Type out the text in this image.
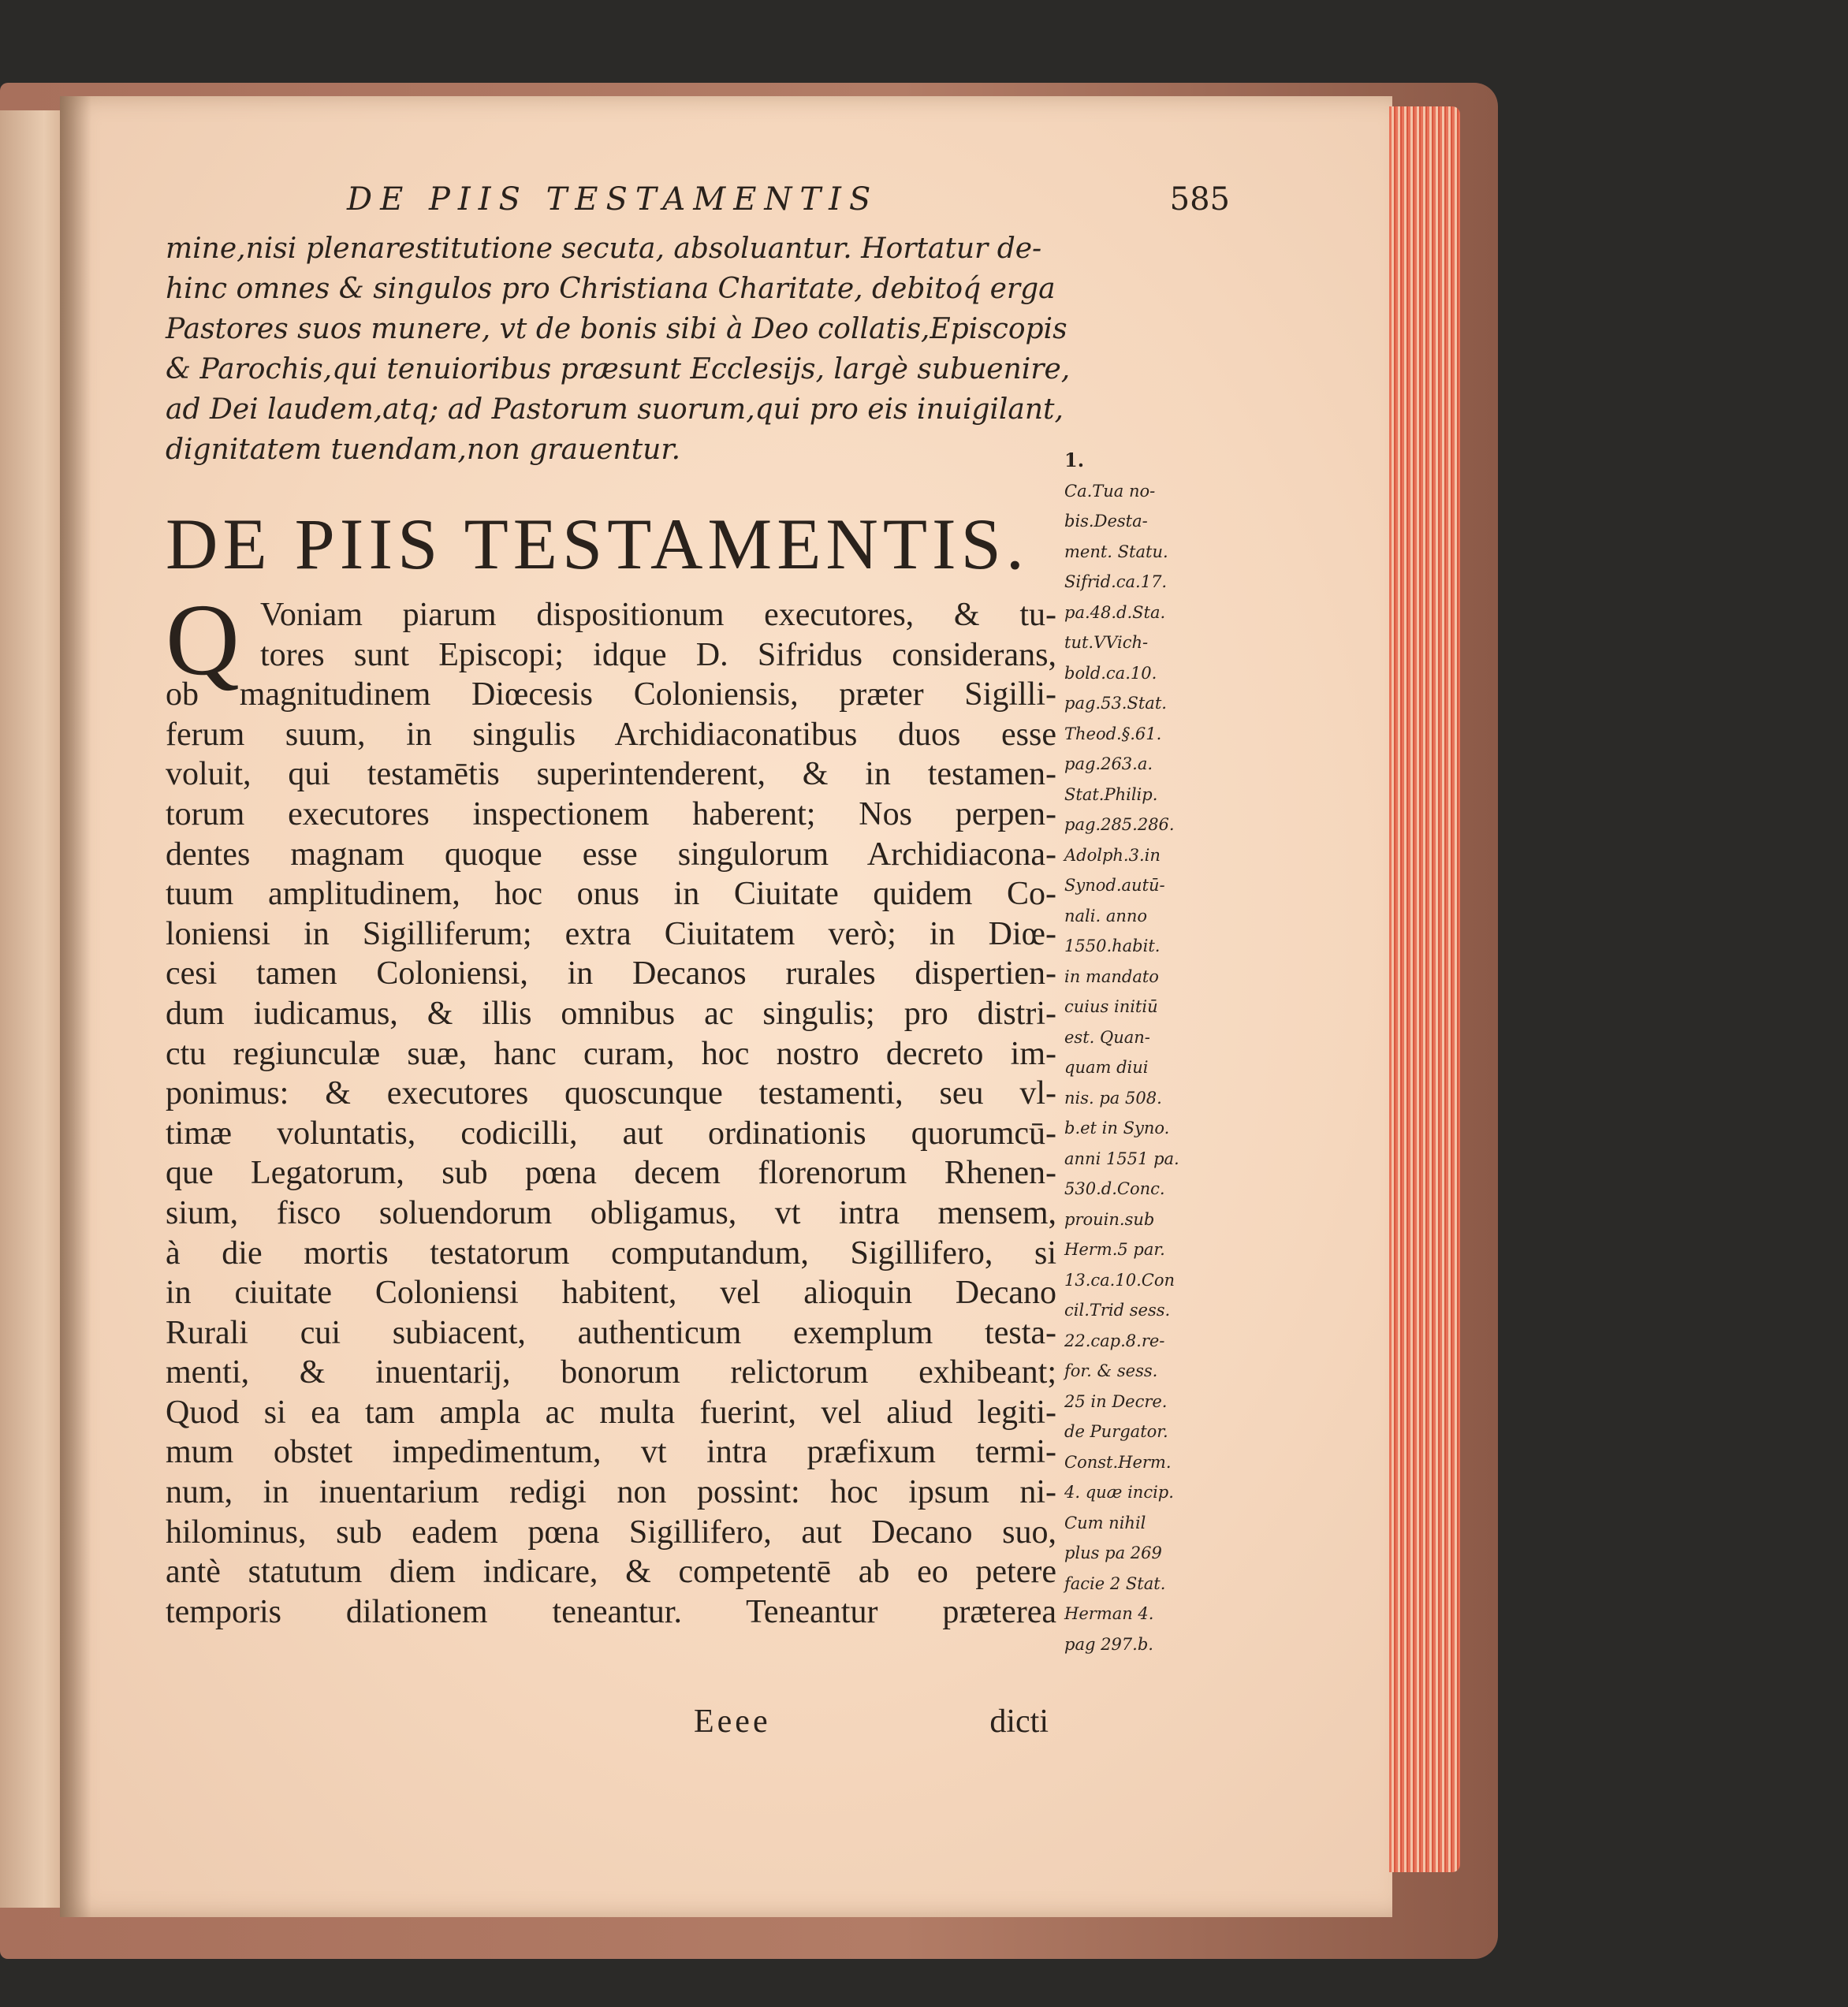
DE PIIS TESTAMENTIS	585
mine,nisi plenarestitutione secuta, absoluantur. Hortatur de-
hinc omnes & singulos pro Christiana Charitate, debitoq́ erga
Pastores suos munere, vt de bonis sibi à Deo collatis,Episcopis
& Parochis,qui tenuioribus præsunt Ecclesijs, largè subuenire,
ad Dei laudem,atq; ad Pastorum suorum,qui pro eis inuigilant,
dignitatem tuendam,non grauentur.
DE PIIS TESTAMENTIS.
Q Voniam piarum dispositionum executores, & tu-
tores sunt Episcopi; idque D. Sifridus considerans,
ob magnitudinem Diœcesis Coloniensis, præter Sigilli-
ferum suum, in singulis Archidiaconatibus duos esse
voluit, qui testamētis superintenderent, & in testamen-
torum executores inspectionem haberent; Nos perpen-
dentes magnam quoque esse singulorum Archidiacona-
tuum amplitudinem, hoc onus in Ciuitate quidem Co-
loniensi in Sigilliferum; extra Ciuitatem verò; in Diœ-
cesi tamen Coloniensi, in Decanos rurales dispertien-
dum iudicamus, & illis omnibus ac singulis; pro distri-
ctu regiunculæ suæ, hanc curam, hoc nostro decreto im-
ponimus: & executores quoscunque testamenti, seu vl-
timæ voluntatis, codicilli, aut ordinationis quorumcū-
que Legatorum, sub pœna decem florenorum Rhenen-
sium, fisco soluendorum obligamus, vt intra mensem,
à die mortis testatorum computandum, Sigillifero, si
in ciuitate Coloniensi habitent, vel alioquin Decano
Rurali cui subiacent, authenticum exemplum testa-
menti, & inuentarij, bonorum relictorum exhibeant;
Quod si ea tam ampla ac multa fuerint, vel aliud legiti-
mum obstet impedimentum, vt intra præfixum termi-
num, in inuentarium redigi non possint: hoc ipsum ni-
hilominus, sub eadem pœna Sigillifero, aut Decano suo,
antè statutum diem indicare, & competentē ab eo petere
temporis dilationem teneantur. Teneantur præterea
Eeee	dicti
1.
Ca.Tua no-
bis.Desta-
ment. Statu.
Sifrid.ca.17.
pa.48.d.Sta.
tut.VVich-
bold.ca.10.
pag.53.Stat.
Theod.§.61.
pag.263.a.
Stat.Philip.
pag.285.286.
Adolph.3.in
Synod.autū-
nali. anno
1550.habit.
in mandato
cuius initiū
est. Quan-
quam diui
nis. pa 508.
b.et in Syno.
anni 1551 pa.
530.d.Conc.
prouin.sub
Herm.5 par.
13.ca.10.Con
cil.Trid sess.
22.cap.8.re-
for. & sess.
25 in Decre.
de Purgator.
Const.Herm.
4. quæ incip.
Cum nihil
plus pa 269
facie 2 Stat.
Herman 4.
pag 297.b.
